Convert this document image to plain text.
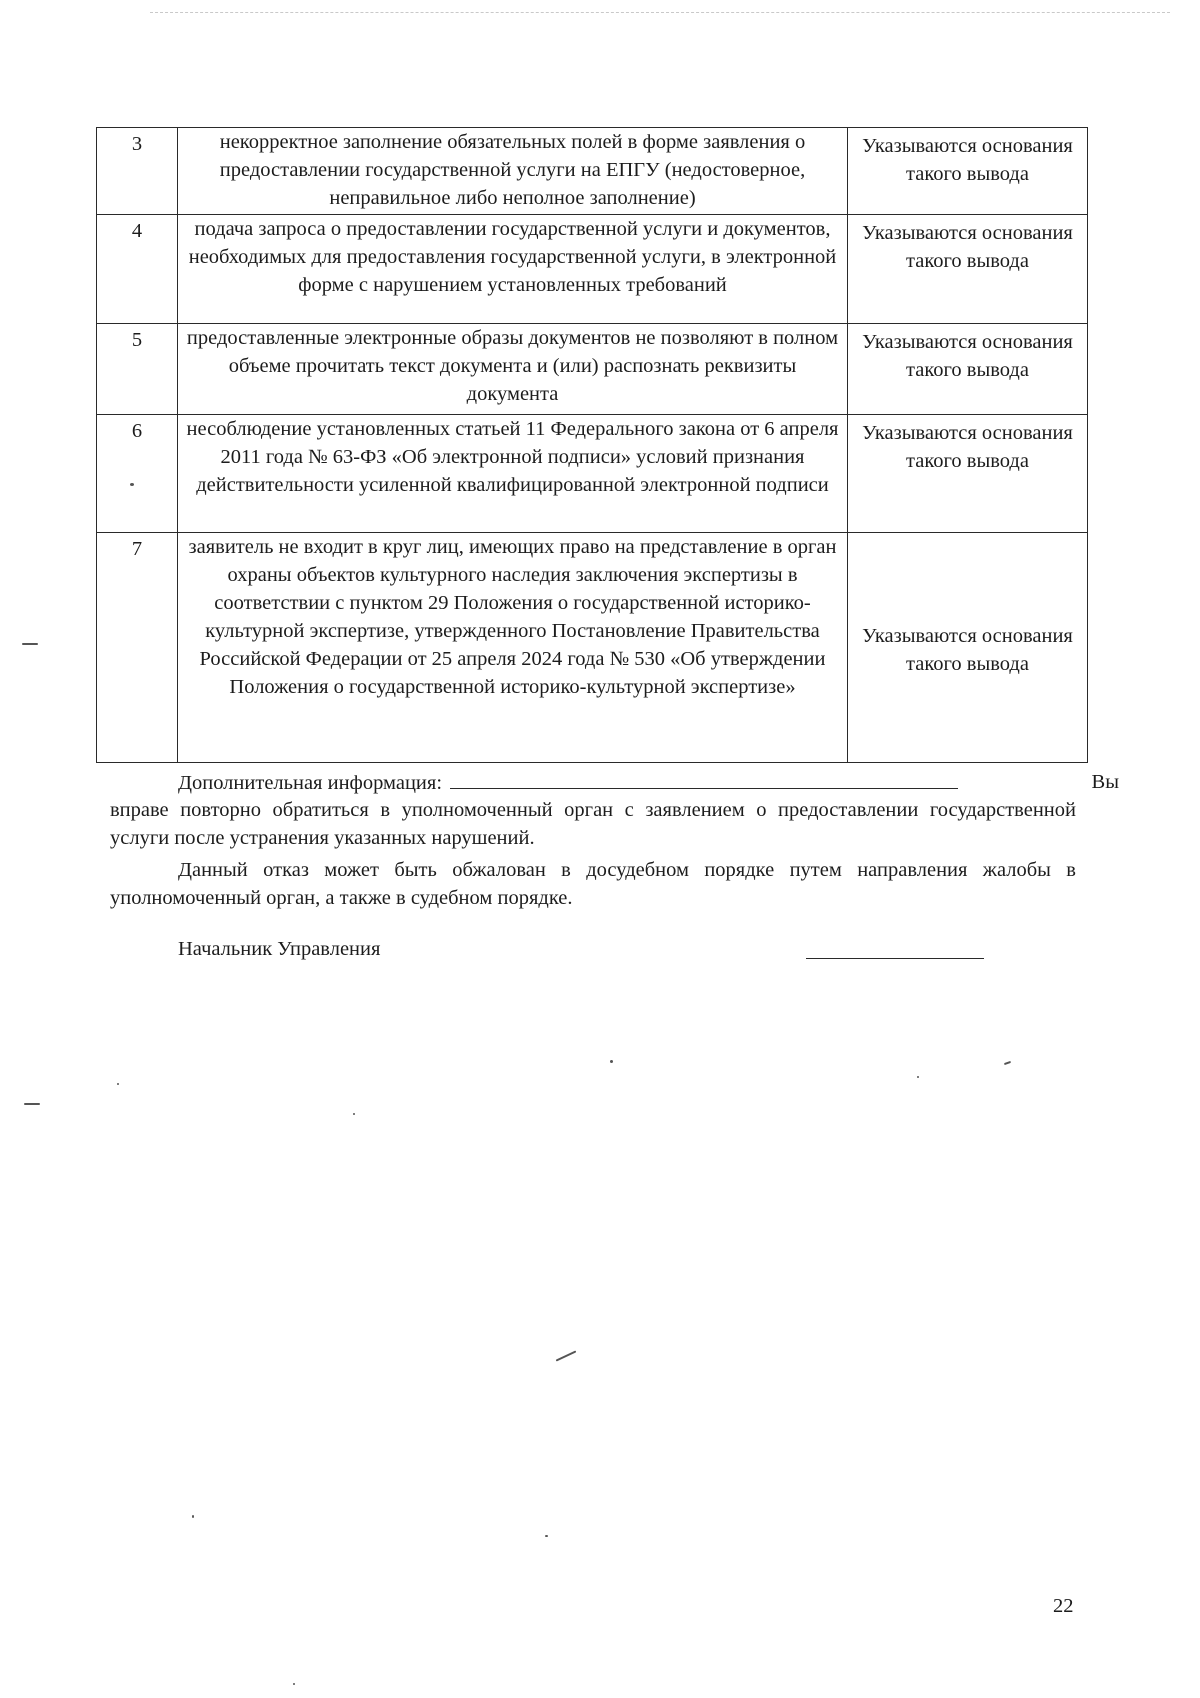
3	некорректное заполнение обязательных полей в форме заявления о предоставлении государственной услуги на ЕПГУ (недостоверное, неправильное либо неполное заполнение)	Указываются основания такого вывода
4	подача запроса о предоставлении государственной услуги и документов, необходимых для предоставления государственной услуги, в электронной форме с нарушением установленных требований	Указываются основания такого вывода
5	предоставленные электронные образы документов не позволяют в полном объеме прочитать текст документа и (или) распознать реквизиты документа	Указываются основания такого вывода
6	несоблюдение установленных статьей 11 Федерального закона от 6 апреля 2011 года № 63-ФЗ «Об электронной подписи» условий признания действительности усиленной квалифицированной электронной подписи	Указываются основания такого вывода
7	заявитель не входит в круг лиц, имеющих право на представление в орган охраны объектов культурного наследия заключения экспертизы в соответствии с пунктом 29 Положения о государственной историко-культурной экспертизе, утвержденного Постановление Правительства Российской Федерации от 25 апреля 2024 года № 530 «Об утверждении Положения о государственной историко-культурной экспертизе»	Указываются основания такого вывода
Дополнительная информация:	Вы
вправе повторно обратиться в уполномоченный орган с заявлением о предоставлении государственной услуги после устранения указанных нарушений.
Данный отказ может быть обжалован в досудебном порядке путем направления жалобы в уполномоченный орган, а также в судебном порядке.
Начальник Управления
22
